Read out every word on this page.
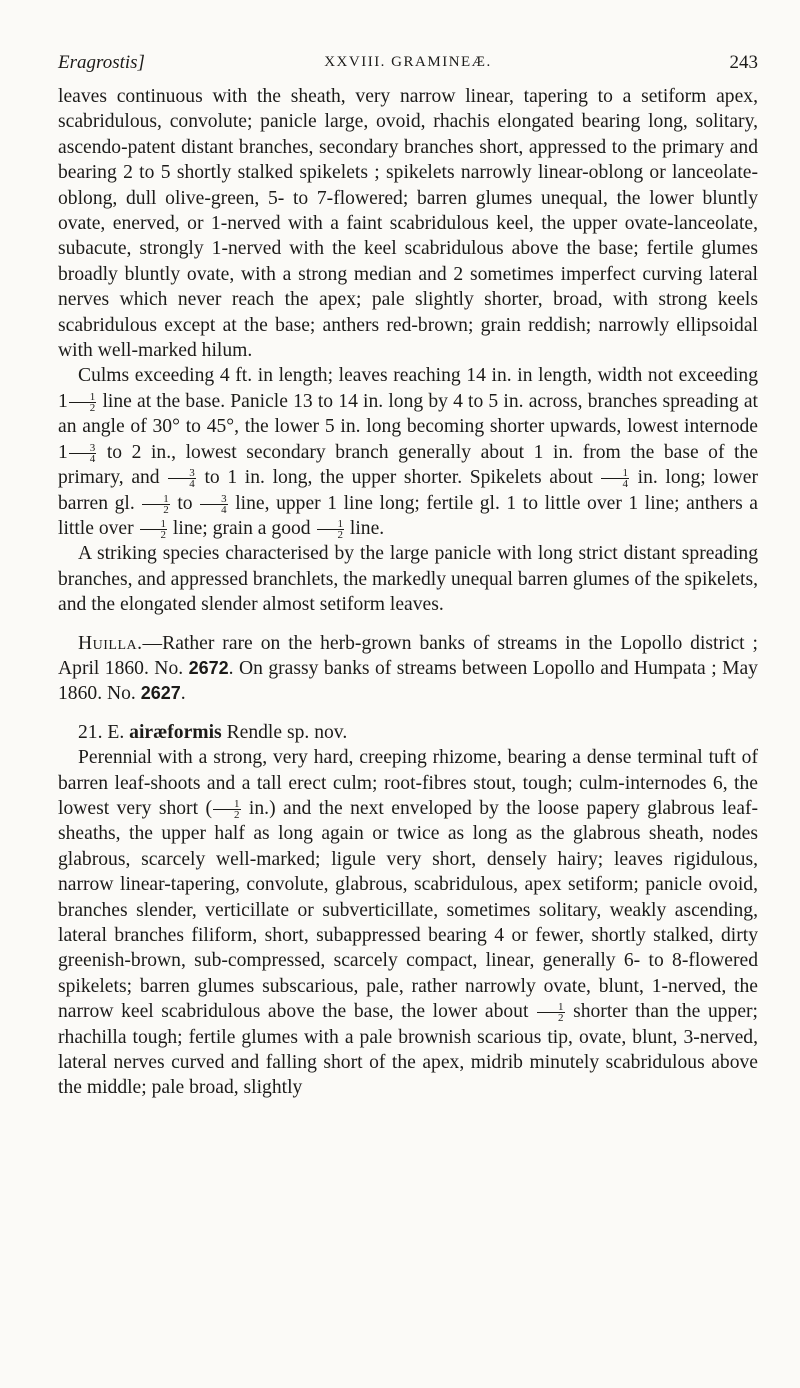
Eragrostis]	XXVIII. GRAMINEÆ.	243

leaves continuous with the sheath, very narrow linear, tapering to a setiform apex, scabridulous, convolute; panicle large, ovoid, rhachis elongated bearing long, solitary, ascendo-patent distant branches, secondary branches short, appressed to the primary and bearing 2 to 5 shortly stalked spikelets ; spikelets narrowly linear-oblong or lanceolate-oblong, dull olive-green, 5- to 7-flowered; barren glumes unequal, the lower bluntly ovate, enerved, or 1-nerved with a faint scabridulous keel, the upper ovate-lanceolate, subacute, strongly 1-nerved with the keel scabridulous above the base; fertile glumes broadly bluntly ovate, with a strong median and 2 sometimes imperfect curving lateral nerves which never reach the apex; pale slightly shorter, broad, with strong keels scabridulous except at the base; anthers red-brown; grain reddish; narrowly ellipsoidal with well-marked hilum.

Culms exceeding 4 ft. in length; leaves reaching 14 in. in length, width not exceeding $1 \frac{1}{2}$ line at the base. Panicle 13 to 14 in. long by 4 to 5 in. across, branches spreading at an angle of 30° to 45°, the lower 5 in. long becoming shorter upwards, lowest internode $1 \frac{3}{4}$ to 2 in., lowest secondary branch generally about 1 in. from the base of the primary, and $\frac{3}{4}$ to 1 in. long, the upper shorter. Spikelets about $\frac{1}{4}$ in. long; lower barren gl. $\frac{1}{2}$ to $\frac{3}{4}$ line, upper 1 line long; fertile gl. 1 to little over 1 line; anthers a little over $\frac{1}{2}$ line; grain a good $\frac{1}{2}$ line.

A striking species characterised by the large panicle with long strict distant spreading branches, and appressed branchlets, the markedly unequal barren glumes of the spikelets, and the elongated slender almost setiform leaves.

Huilla.—Rather rare on the herb-grown banks of streams in the Lopollo district ; April 1860. No. 2672. On grassy banks of streams between Lopollo and Humpata ; May 1860. No. 2627.

21. E. airæformis Rendle sp. nov.

Perennial with a strong, very hard, creeping rhizome, bearing a dense terminal tuft of barren leaf-shoots and a tall erect culm; root-fibres stout, tough; culm-internodes 6, the lowest very short ( $\frac{1}{2} in$.) and the next enveloped by the loose papery glabrous leaf-sheaths, the upper half as long again or twice as long as the glabrous sheath, nodes glabrous, scarcely well-marked; ligule very short, densely hairy; leaves rigidulous, narrow linear-tapering, convolute, glabrous, scabridulous, apex setiform; panicle ovoid, branches slender, verticillate or subverticillate, sometimes solitary, weakly ascending, lateral branches filiform, short, subappressed bearing 4 or fewer, shortly stalked, dirty greenish-brown, sub-compressed, scarcely compact, linear, generally 6- to 8-flowered spikelets; barren glumes subscarious, pale, rather narrowly ovate, blunt, 1-nerved, the narrow keel scabridulous above the base, the lower about $\frac{1}{2}$ shorter than the upper; rhachilla tough; fertile glumes with a pale brownish scarious tip, ovate, blunt, 3-nerved, lateral nerves curved and falling short of the apex, midrib minutely scabridulous above the middle; pale broad, slightly
